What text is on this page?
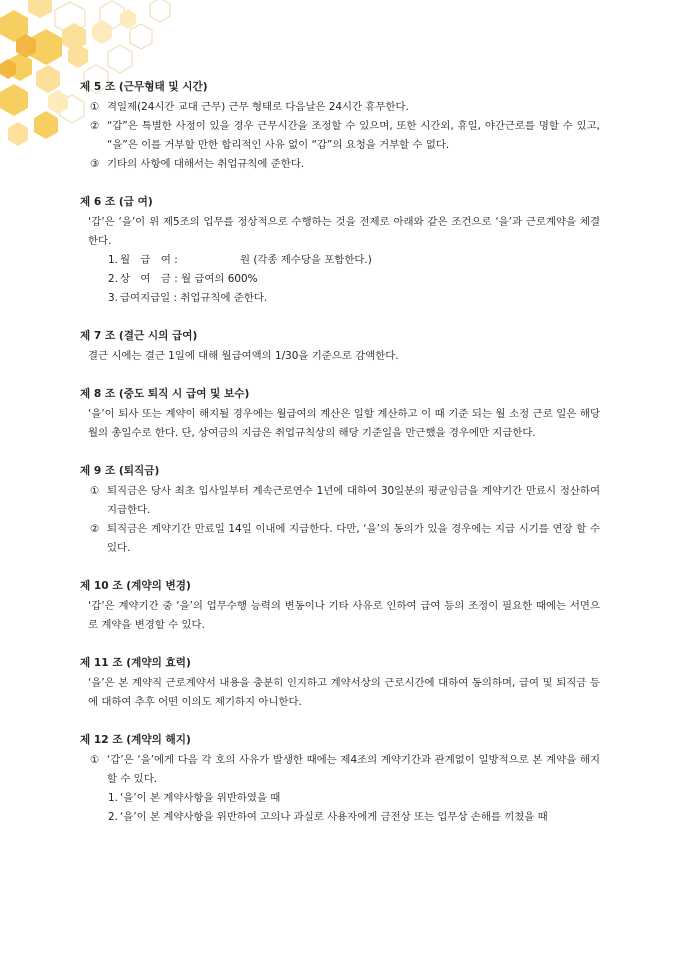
제 5 조 (근무형태 및 시간)
① 격일제(24시간 교대 근무) 근무 형태로 다음날은 24시간 휴무한다.
② “갑”은 특별한 사정이 있을 경우 근무시간을 조정할 수 있으며, 또한 시간외, 휴일, 야간근로를 명할 수 있고, “을”은 이를 거부할 만한 합리적인 사유 없이 “갑”의 요청을 거부할 수 없다.
③ 기타의 사항에 대해서는 취업규칙에 준한다.
제 6 조 (급 여)
‘갑’은 ‘을’이 위 제5조의 업무를 정상적으로 수행하는 것을 전제로 아래와 같은 조건으로 ‘을’과 근로계약을 체결한다.
1. 월　급　여 :　　　　　　원 (각종 제수당을 포함한다.)
2. 상　여　금 : 월 급여의 600%
3. 급여지급일 : 취업규칙에 준한다.
제 7 조 (결근 시의 급여)
결근 시에는 결근 1일에 대해 월급여액의 1/30을 기준으로 감액한다.
제 8 조 (중도 퇴직 시 급여 및 보수)
‘을’이 퇴사 또는 계약이 해지될 경우에는 월급여의 계산은 일할 계산하고 이 때 기준 되는 월 소정 근로 일은 해당 월의 총일수로 한다. 단, 상여금의 지급은 취업규칙상의 해당 기준일을 만근했을 경우에만 지급한다.
제 9 조 (퇴직금)
① 퇴직금은 당사 최초 입사일부터 계속근로연수 1년에 대하여 30일분의 평균임금을 계약기간 만료시 정산하여 지급한다.
② 퇴직금은 계약기간 만료일 14일 이내에 지급한다. 다만, ‘을’의 동의가 있을 경우에는 지급 시기를 연장 할 수 있다.
제 10 조 (계약의 변경)
‘갑’은 계약기간 중 ‘을’의 업무수행 능력의 변동이나 기타 사유로 인하여 급여 등의 조정이 필요한 때에는 서면으로 계약을 변경할 수 있다.
제 11 조 (계약의 효력)
‘을’은 본 계약직 근로계약서 내용을 충분히 인지하고 계약서상의 근로시간에 대하여 동의하며, 급여 및 퇴직금 등에 대하여 추후 어떤 이의도 제기하지 아니한다.
제 12 조 (계약의 해지)
① ‘갑’은 ‘을’에게 다음 각 호의 사유가 발생한 때에는 제4조의 계약기간과 관계없이 일방적으로 본 계약을 해지 할 수 있다.
1. ‘을’이 본 계약사항을 위반하였을 때
2. ‘을’이 본 계약사항을 위반하여 고의나 과실로 사용자에게 금전상 또는 업무상 손해를 끼쳤을 때
